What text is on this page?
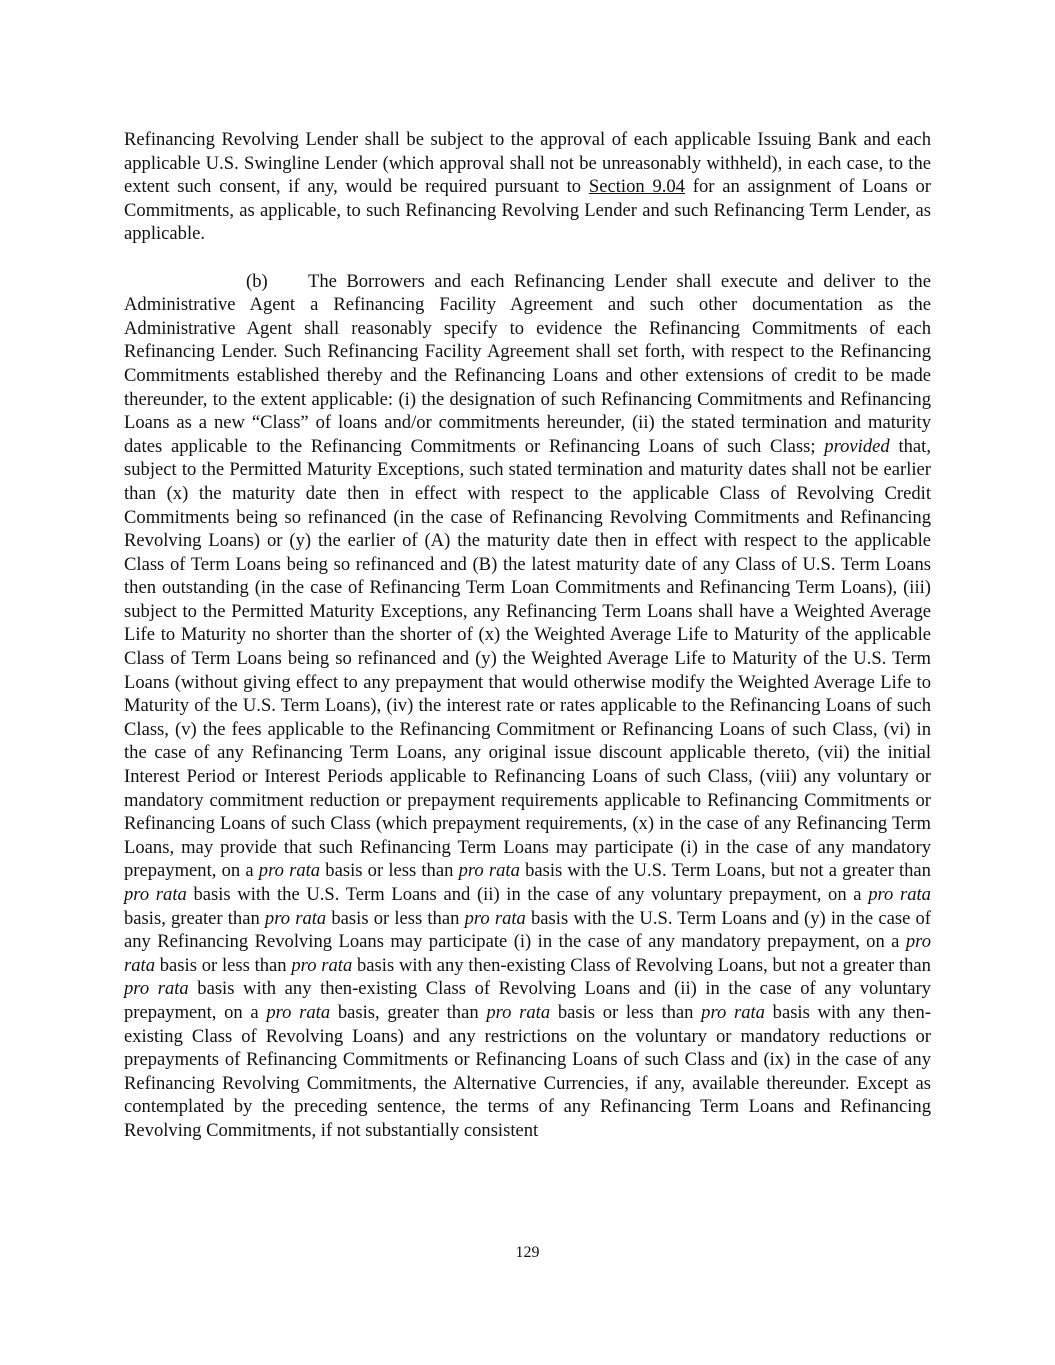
Refinancing Revolving Lender shall be subject to the approval of each applicable Issuing Bank and each applicable U.S. Swingline Lender (which approval shall not be unreasonably withheld), in each case, to the extent such consent, if any, would be required pursuant to Section 9.04 for an assignment of Loans or Commitments, as applicable, to such Refinancing Revolving Lender and such Refinancing Term Lender, as applicable.

(b) The Borrowers and each Refinancing Lender shall execute and deliver to the Administrative Agent a Refinancing Facility Agreement and such other documentation as the Administrative Agent shall reasonably specify to evidence the Refinancing Commitments of each Refinancing Lender. Such Refinancing Facility Agreement shall set forth, with respect to the Refinancing Commitments established thereby and the Refinancing Loans and other extensions of credit to be made thereunder, to the extent applicable: (i) the designation of such Refinancing Commitments and Refinancing Loans as a new “Class” of loans and/or commitments hereunder, (ii) the stated termination and maturity dates applicable to the Refinancing Commitments or Refinancing Loans of such Class; provided that, subject to the Permitted Maturity Exceptions, such stated termination and maturity dates shall not be earlier than (x) the maturity date then in effect with respect to the applicable Class of Revolving Credit Commitments being so refinanced (in the case of Refinancing Revolving Commitments and Refinancing Revolving Loans) or (y) the earlier of (A) the maturity date then in effect with respect to the applicable Class of Term Loans being so refinanced and (B) the latest maturity date of any Class of U.S. Term Loans then outstanding (in the case of Refinancing Term Loan Commitments and Refinancing Term Loans), (iii) subject to the Permitted Maturity Exceptions, any Refinancing Term Loans shall have a Weighted Average Life to Maturity no shorter than the shorter of (x) the Weighted Average Life to Maturity of the applicable Class of Term Loans being so refinanced and (y) the Weighted Average Life to Maturity of the U.S. Term Loans (without giving effect to any prepayment that would otherwise modify the Weighted Average Life to Maturity of the U.S. Term Loans), (iv) the interest rate or rates applicable to the Refinancing Loans of such Class, (v) the fees applicable to the Refinancing Commitment or Refinancing Loans of such Class, (vi) in the case of any Refinancing Term Loans, any original issue discount applicable thereto, (vii) the initial Interest Period or Interest Periods applicable to Refinancing Loans of such Class, (viii) any voluntary or mandatory commitment reduction or prepayment requirements applicable to Refinancing Commitments or Refinancing Loans of such Class (which prepayment requirements, (x) in the case of any Refinancing Term Loans, may provide that such Refinancing Term Loans may participate (i) in the case of any mandatory prepayment, on a pro rata basis or less than pro rata basis with the U.S. Term Loans, but not a greater than pro rata basis with the U.S. Term Loans and (ii) in the case of any voluntary prepayment, on a pro rata basis, greater than pro rata basis or less than pro rata basis with the U.S. Term Loans and (y) in the case of any Refinancing Revolving Loans may participate (i) in the case of any mandatory prepayment, on a pro rata basis or less than pro rata basis with any then-existing Class of Revolving Loans, but not a greater than pro rata basis with any then-existing Class of Revolving Loans and (ii) in the case of any voluntary prepayment, on a pro rata basis, greater than pro rata basis or less than pro rata basis with any then-existing Class of Revolving Loans) and any restrictions on the voluntary or mandatory reductions or prepayments of Refinancing Commitments or Refinancing Loans of such Class and (ix) in the case of any Refinancing Revolving Commitments, the Alternative Currencies, if any, available thereunder. Except as contemplated by the preceding sentence, the terms of any Refinancing Term Loans and Refinancing Revolving Commitments, if not substantially consistent

129
